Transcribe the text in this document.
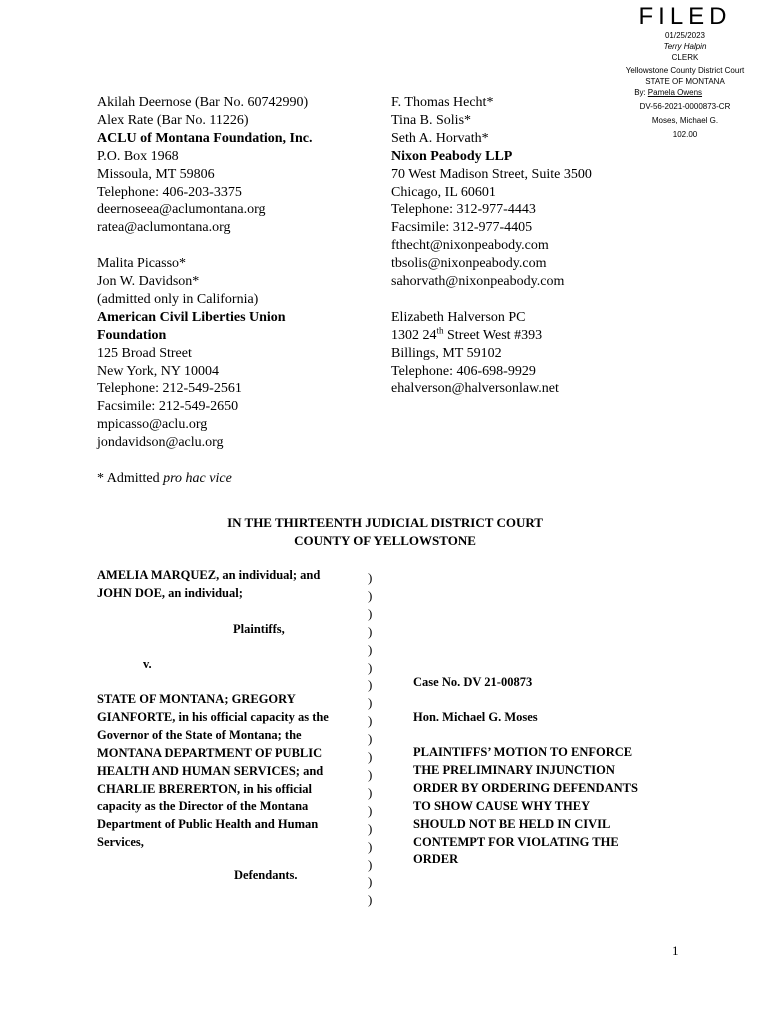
FILED
01/25/2023
Terry Halpin
CLERK
Yellowstone County District Court
STATE OF MONTANA
By: Pamela Owens
DV-56-2021-0000873-CR
Moses, Michael G.
102.00
Akilah Deernose (Bar No. 60742990)
Alex Rate (Bar No. 11226)
ACLU of Montana Foundation, Inc.
P.O. Box 1968
Missoula, MT 59806
Telephone: 406-203-3375
deernoseea@aclumontana.org
ratea@aclumontana.org
Malita Picasso*
Jon W. Davidson*
(admitted only in California)
American Civil Liberties Union
Foundation
125 Broad Street
New York, NY 10004
Telephone: 212-549-2561
Facsimile: 212-549-2650
mpicasso@aclu.org
jondavidson@aclu.org
* Admitted pro hac vice
F. Thomas Hecht*
Tina B. Solis*
Seth A. Horvath*
Nixon Peabody LLP
70 West Madison Street, Suite 3500
Chicago, IL 60601
Telephone: 312-977-4443
Facsimile: 312-977-4405
fthecht@nixonpeabody.com
tbsolis@nixonpeabody.com
sahorvath@nixonpeabody.com
Elizabeth Halverson PC
1302 24th Street West #393
Billings, MT 59102
Telephone: 406-698-9929
ehalverson@halversonlaw.net
IN THE THIRTEENTH JUDICIAL DISTRICT COURT
COUNTY OF YELLOWSTONE
AMELIA MARQUEZ, an individual; and
JOHN DOE, an individual;
Plaintiffs,
v.
STATE OF MONTANA; GREGORY
GIANFORTE, in his official capacity as the
Governor of the State of Montana; the
MONTANA DEPARTMENT OF PUBLIC
HEALTH AND HUMAN SERVICES; and
CHARLIE BRERERTON, in his official
capacity as the Director of the Montana
Department of Public Health and Human
Services,
Defendants.
)
)
)
)
)
)
)
)
)
)
)
)
)
)
)
)
)
)
)
Case No. DV 21-00873
Hon. Michael G. Moses
PLAINTIFFS’ MOTION TO ENFORCE
THE PRELIMINARY INJUNCTION
ORDER BY ORDERING DEFENDANTS
TO SHOW CAUSE WHY THEY
SHOULD NOT BE HELD IN CIVIL
CONTEMPT FOR VIOLATING THE
ORDER
1
